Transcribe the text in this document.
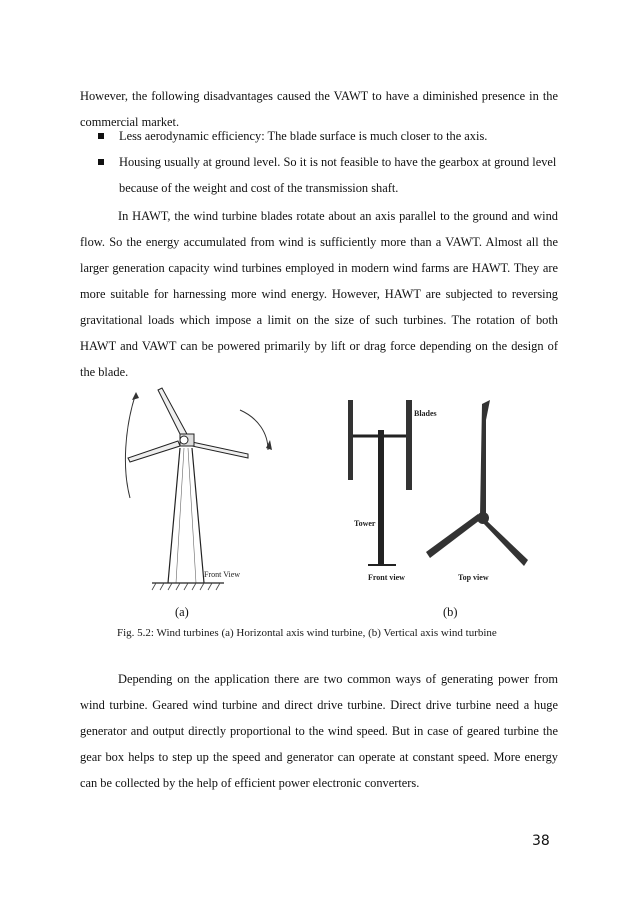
However, the following disadvantages caused the VAWT to have a diminished presence in the commercial market.

Less aerodynamic efficiency: The blade surface is much closer to the axis.
Housing usually at ground level. So it is not feasible to have the gearbox at ground level because of the weight and cost of the transmission shaft.

In HAWT, the wind turbine blades rotate about an axis parallel to the ground and wind flow. So the energy accumulated from wind is sufficiently more than a VAWT. Almost all the larger generation capacity wind turbines employed in modern wind farms are HAWT. They are more suitable for harnessing more wind energy. However, HAWT are subjected to reversing gravitational loads which impose a limit on the size of such turbines. The rotation of both HAWT and VAWT can be powered primarily by lift or drag force depending on the design of the blade.

Front View
Blades
Tower
Front view	Top view
(a)	(b)
Fig. 5.2: Wind turbines (a) Horizontal axis wind turbine, (b) Vertical axis wind turbine

Depending on the application there are two common ways of generating power from wind turbine. Geared wind turbine and direct drive turbine. Direct drive turbine need a huge generator and output directly proportional to the wind speed. But in case of geared turbine the gear box helps to step up the speed and generator can operate at constant speed. More energy can be collected by the help of efficient power electronic converters.

38
